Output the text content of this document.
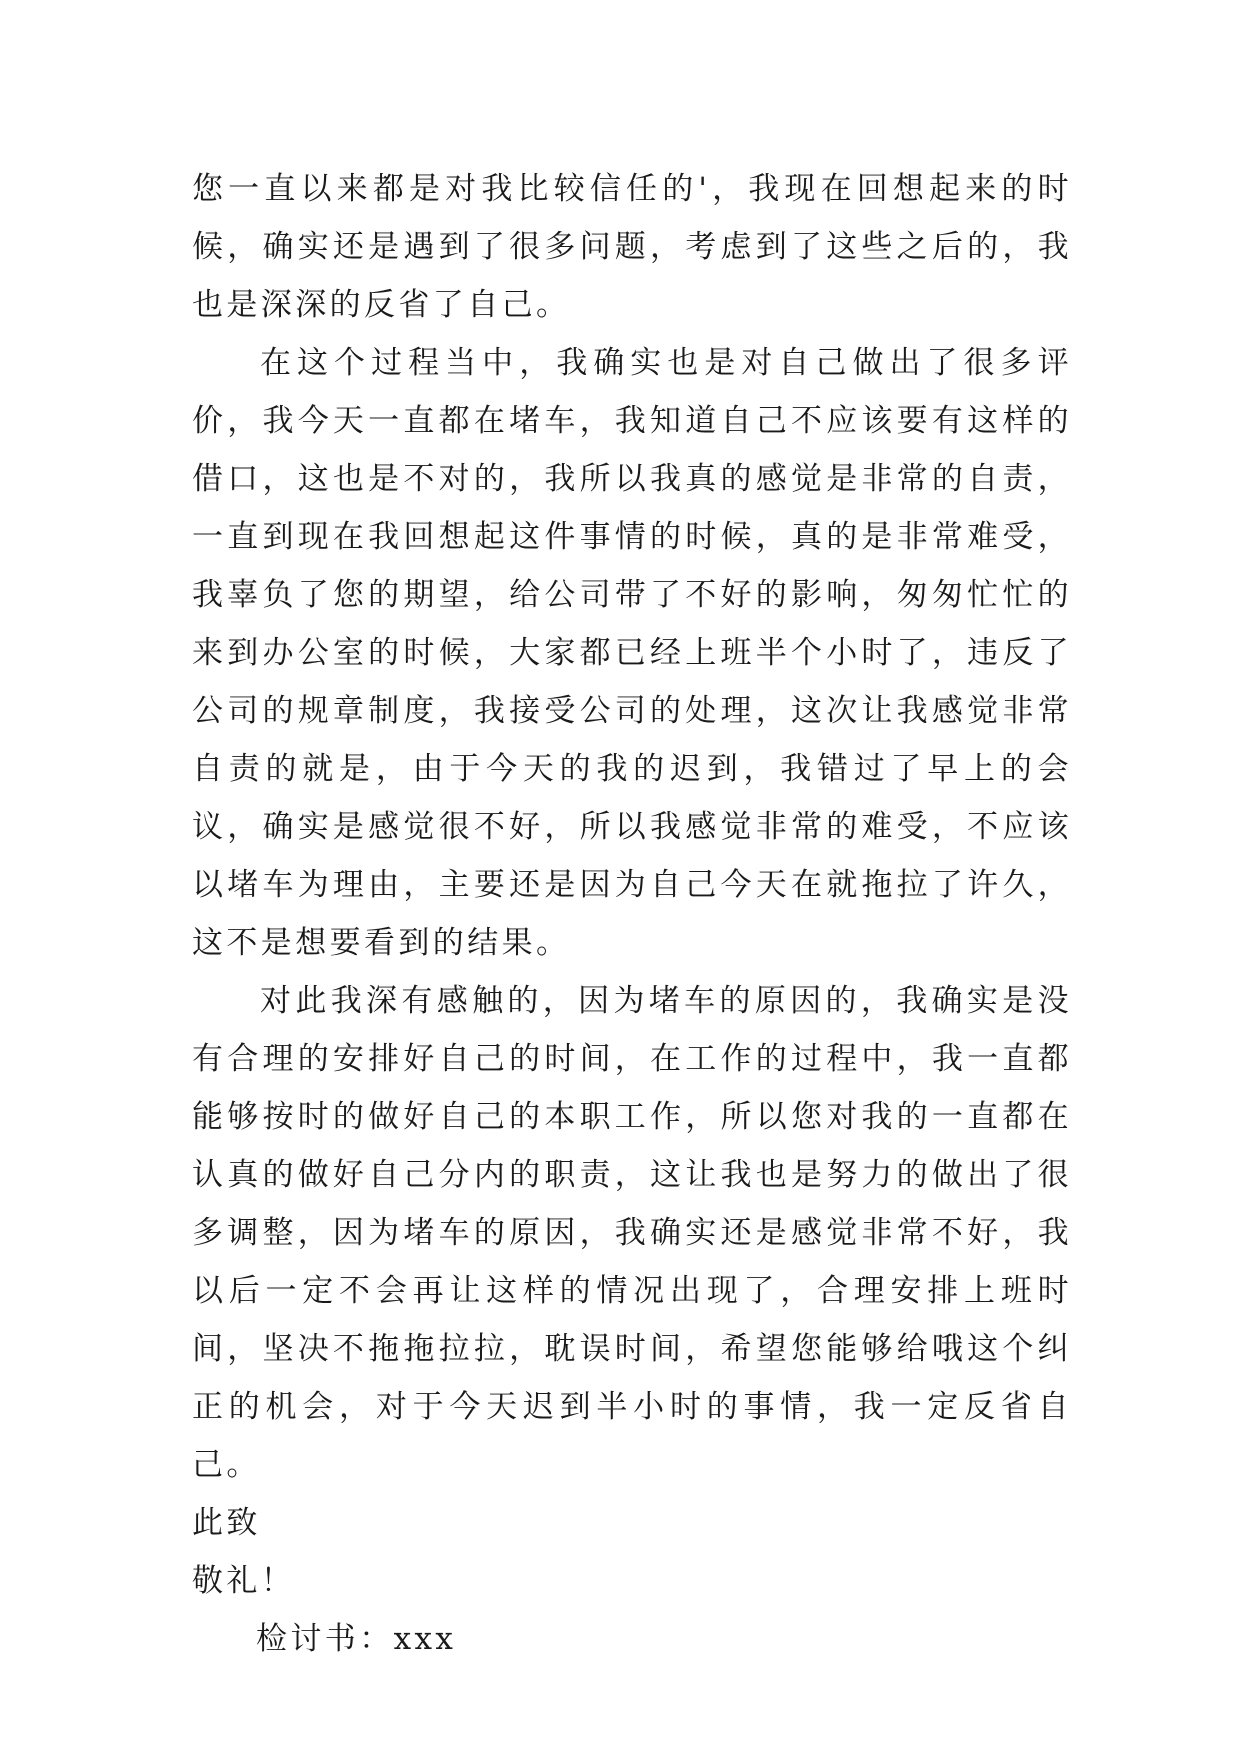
您一直以来都是对我比较信任的'，我现在回想起来的时候，确实还是遇到了很多问题，考虑到了这些之后的，我也是深深的反省了自己。

在这个过程当中，我确实也是对自己做出了很多评价，我今天一直都在堵车，我知道自己不应该要有这样的借口，这也是不对的，我所以我真的感觉是非常的自责，一直到现在我回想起这件事情的时候，真的是非常难受，我辜负了您的期望，给公司带了不好的影响，匆匆忙忙的来到办公室的时候，大家都已经上班半个小时了，违反了公司的规章制度，我接受公司的处理，这次让我感觉非常自责的就是，由于今天的我的迟到，我错过了早上的会议，确实是感觉很不好，所以我感觉非常的难受，不应该以堵车为理由，主要还是因为自己今天在就拖拉了许久，这不是想要看到的结果。

对此我深有感触的，因为堵车的原因的，我确实是没有合理的安排好自己的时间，在工作的过程中，我一直都能够按时的做好自己的本职工作，所以您对我的一直都在认真的做好自己分内的职责，这让我也是努力的做出了很多调整，因为堵车的原因，我确实还是感觉非常不好，我以后一定不会再让这样的情况出现了，合理安排上班时间，坚决不拖拖拉拉，耽误时间，希望您能够给哦这个纠正的机会，对于今天迟到半小时的事情，我一定反省自己。

此致

敬礼！

检讨书：xxx
